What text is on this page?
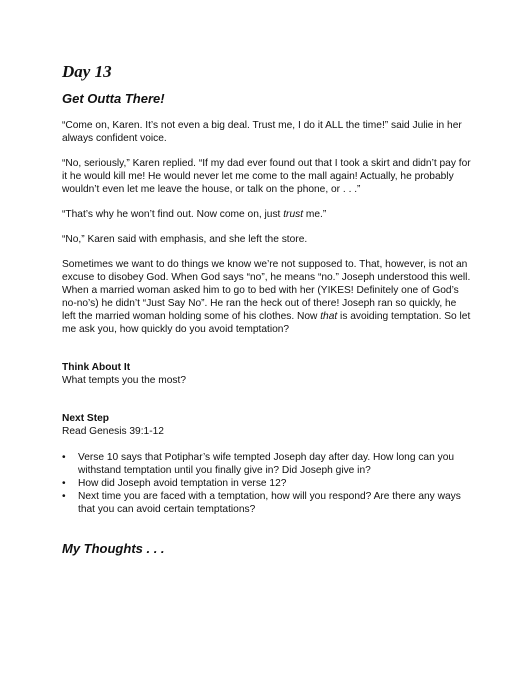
Day 13
Get Outta There!

“Come on, Karen. It’s not even a big deal. Trust me, I do it ALL the time!” said Julie in her always confident voice.

“No, seriously,” Karen replied. “If my dad ever found out that I took a skirt and didn’t pay for it he would kill me! He would never let me come to the mall again! Actually, he probably wouldn’t even let me leave the house, or talk on the phone, or . . .”

“That’s why he won’t find out. Now come on, just trust me.”

“No,” Karen said with emphasis, and she left the store.

Sometimes we want to do things we know we’re not supposed to. That, however, is not an excuse to disobey God. When God says “no”, he means “no.” Joseph understood this well. When a married woman asked him to go to bed with her (YIKES! Definitely one of God’s no-no’s) he didn’t “Just Say No”. He ran the heck out of there! Joseph ran so quickly, he left the married woman holding some of his clothes. Now that is avoiding temptation. So let me ask you, how quickly do you avoid temptation?

Think About It

What tempts you the most?

Next Step

Read Genesis 39:1-12

• Verse 10 says that Potiphar’s wife tempted Joseph day after day. How long can you withstand temptation until you finally give in? Did Joseph give in?
• How did Joseph avoid temptation in verse 12?
• Next time you are faced with a temptation, how will you respond? Are there any ways that you can avoid certain temptations?
My Thoughts . . .
